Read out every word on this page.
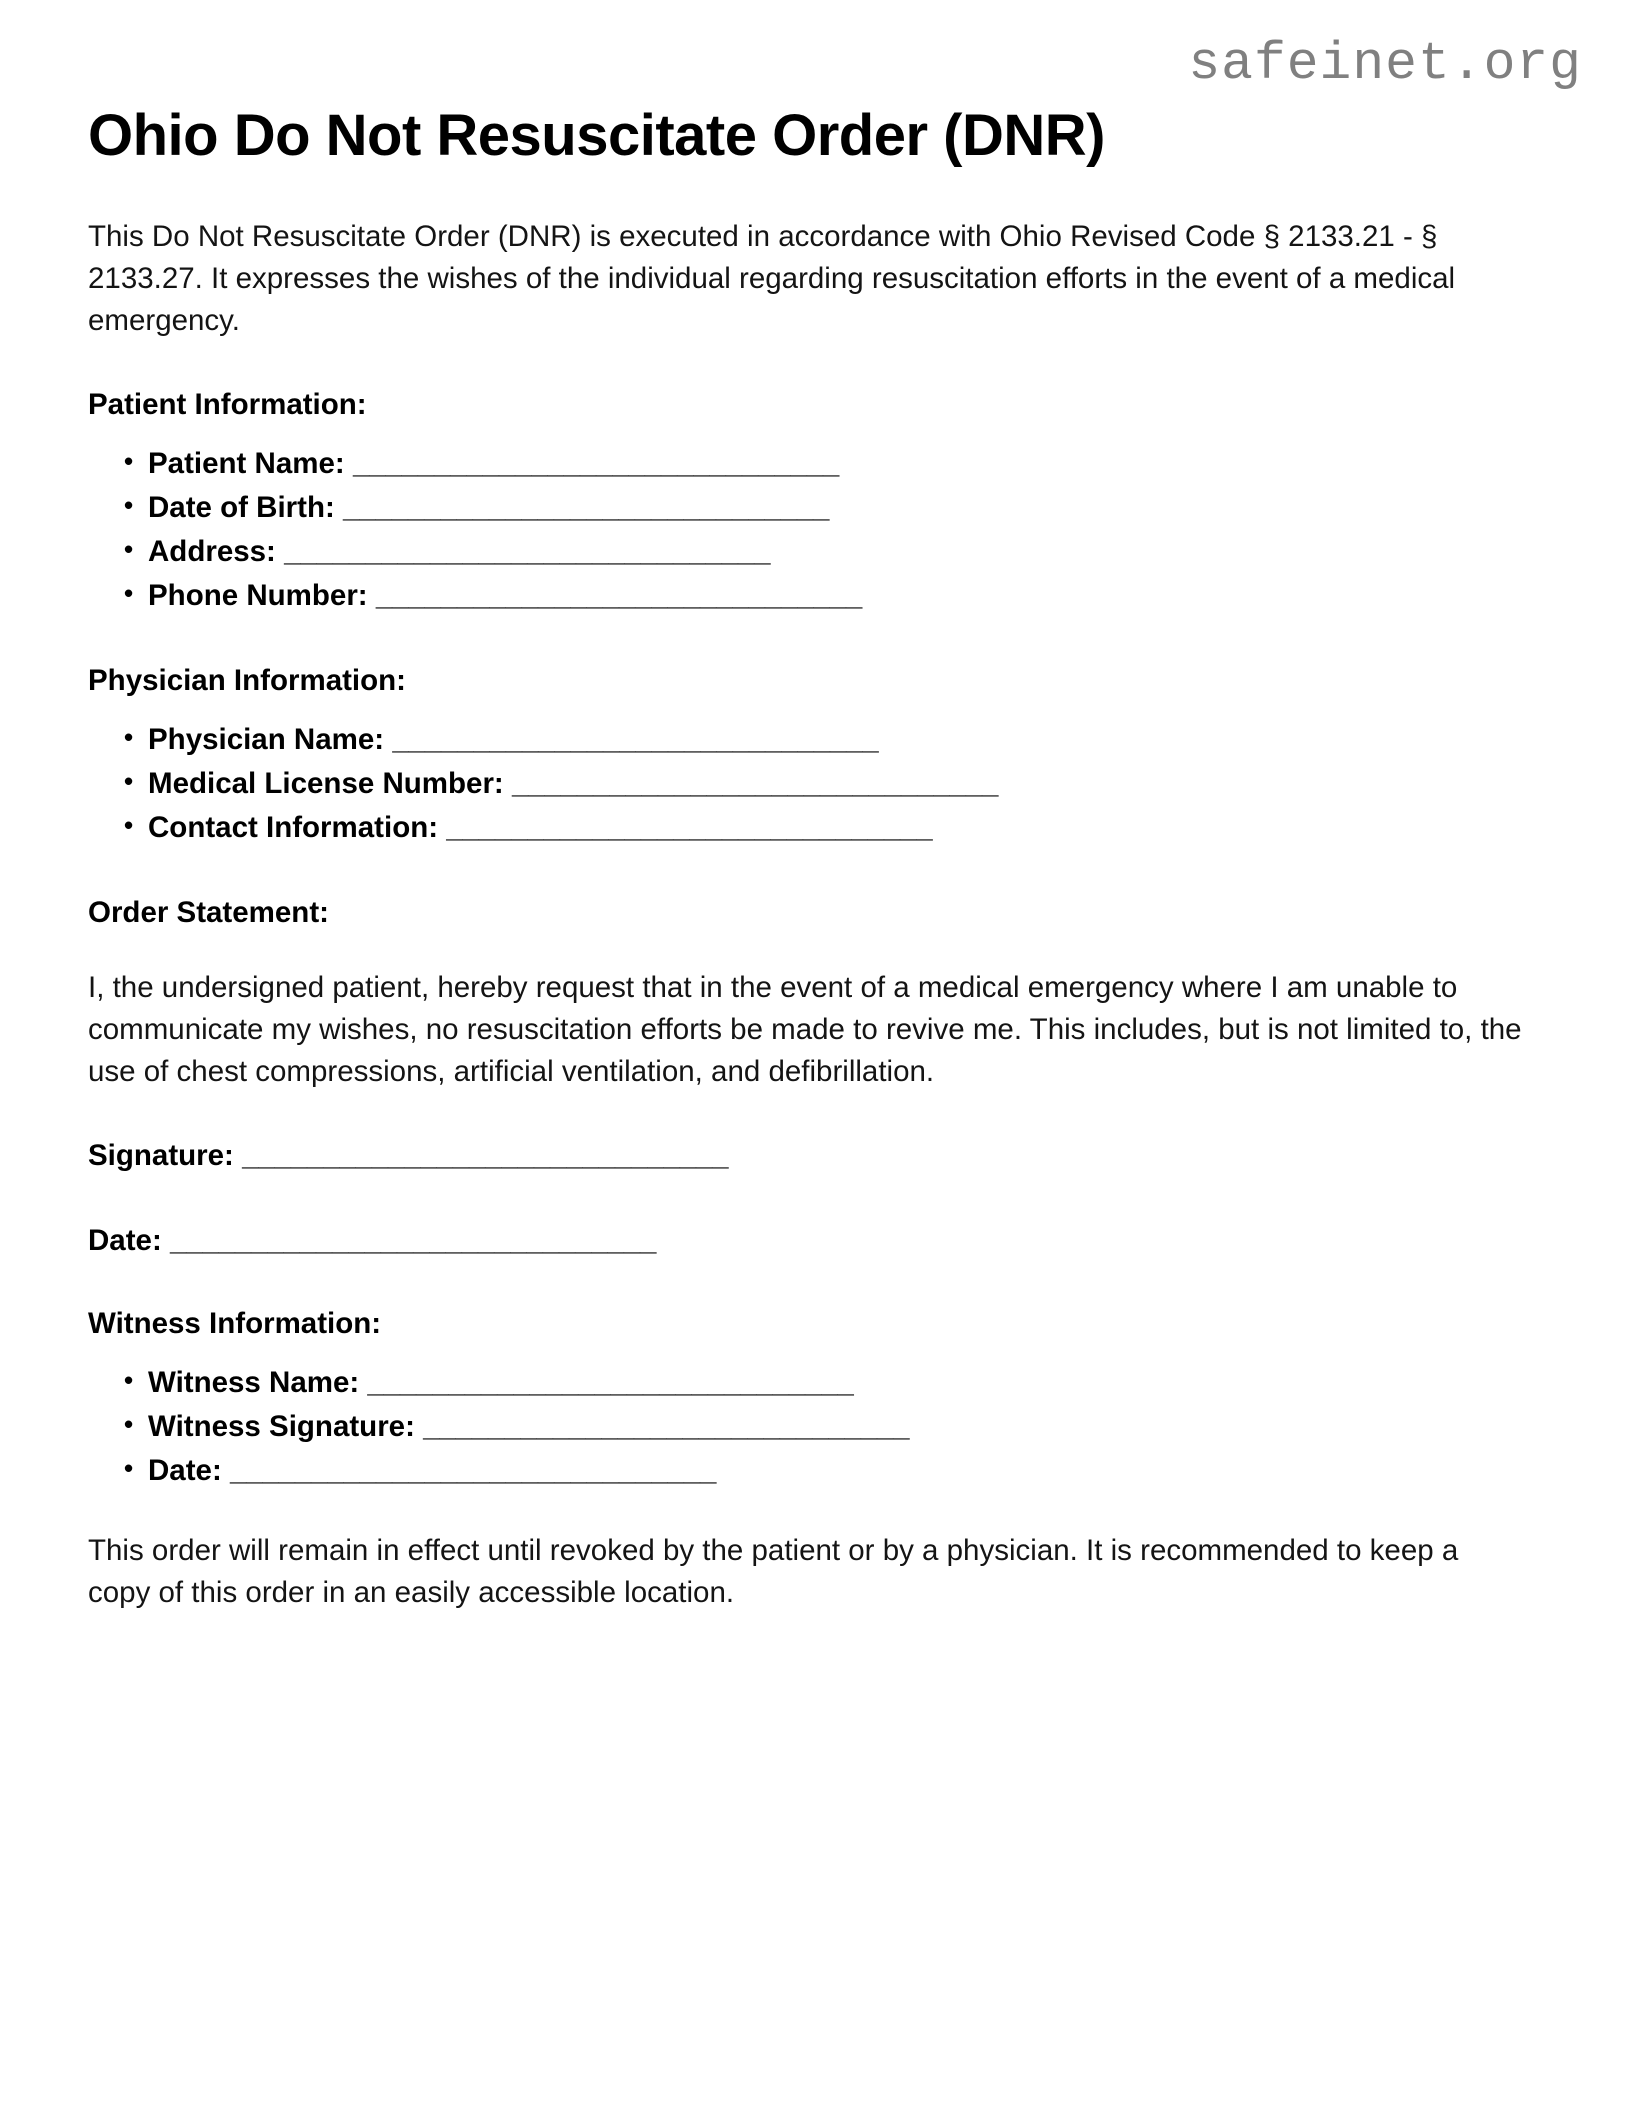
safeinet.org
Ohio Do Not Resuscitate Order (DNR)

This Do Not Resuscitate Order (DNR) is executed in accordance with Ohio Revised Code § 2133.21 - § 2133.27. It expresses the wishes of the individual regarding resuscitation efforts in the event of a medical emergency.

Patient Information:
• Patient Name: ______________________________
• Date of Birth: ______________________________
• Address: ______________________________
• Phone Number: ______________________________
Physician Information:
• Physician Name: ______________________________
• Medical License Number: ______________________________
• Contact Information: ______________________________
Order Statement:

I, the undersigned patient, hereby request that in the event of a medical emergency where I am unable to communicate my wishes, no resuscitation efforts be made to revive me. This includes, but is not limited to, the use of chest compressions, artificial ventilation, and defibrillation.

Signature: ______________________________
Date: ______________________________
Witness Information:
• Witness Name: ______________________________
• Witness Signature: ______________________________
• Date: ______________________________

This order will remain in effect until revoked by the patient or by a physician. It is recommended to keep a copy of this order in an easily accessible location.
